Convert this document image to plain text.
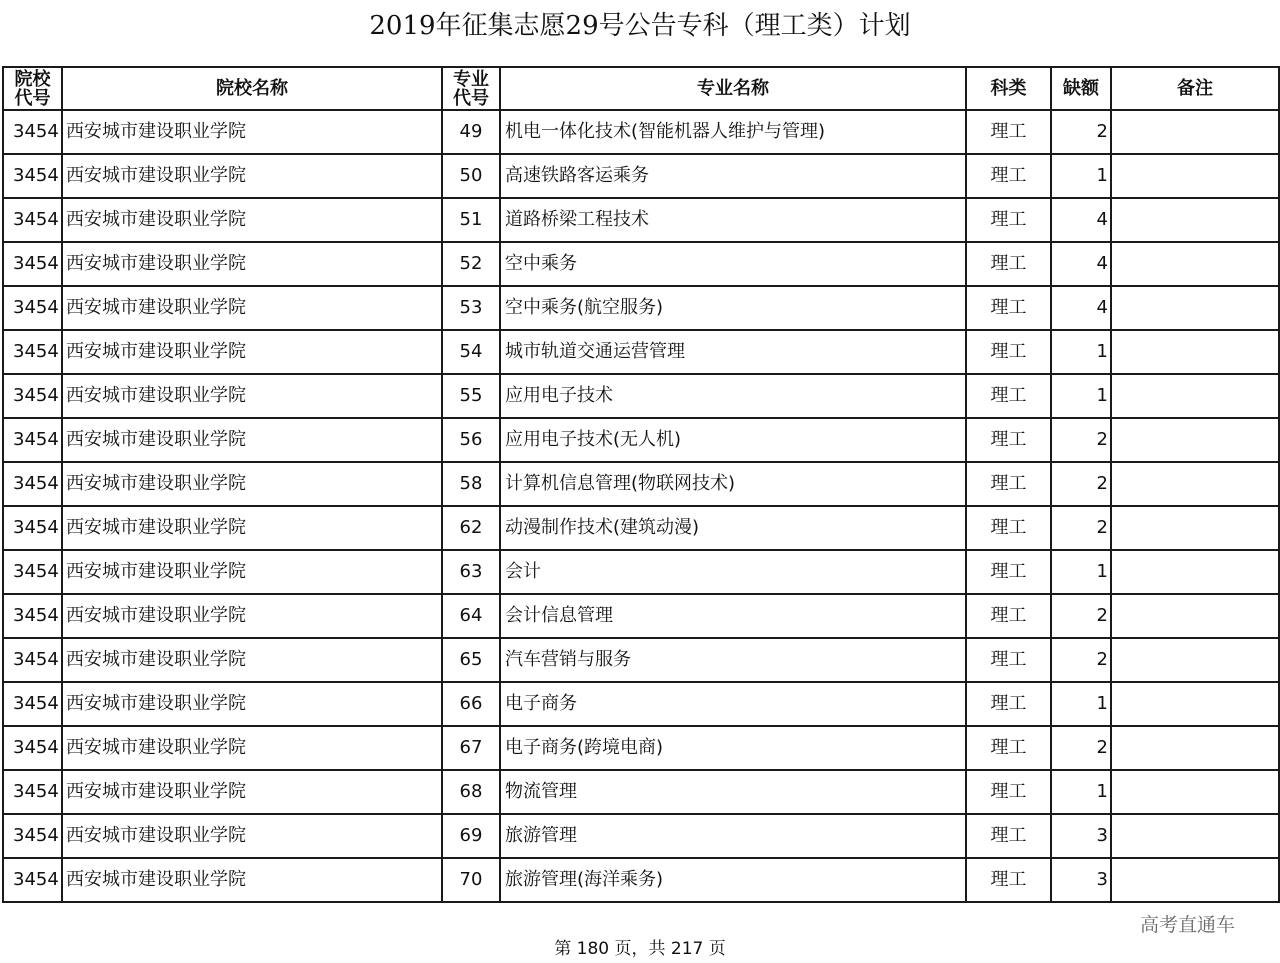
2019年征集志愿29号公告专科（理工类）计划
院校代号	院校名称	专业代号	专业名称	科类	缺额	备注
3454	西安城市建设职业学院	49	机电一体化技术(智能机器人维护与管理)	理工	2	
3454	西安城市建设职业学院	50	高速铁路客运乘务	理工	1	
3454	西安城市建设职业学院	51	道路桥梁工程技术	理工	4	
3454	西安城市建设职业学院	52	空中乘务	理工	4	
3454	西安城市建设职业学院	53	空中乘务(航空服务)	理工	4	
3454	西安城市建设职业学院	54	城市轨道交通运营管理	理工	1	
3454	西安城市建设职业学院	55	应用电子技术	理工	1	
3454	西安城市建设职业学院	56	应用电子技术(无人机)	理工	2	
3454	西安城市建设职业学院	58	计算机信息管理(物联网技术)	理工	2	
3454	西安城市建设职业学院	62	动漫制作技术(建筑动漫)	理工	2	
3454	西安城市建设职业学院	63	会计	理工	1	
3454	西安城市建设职业学院	64	会计信息管理	理工	2	
3454	西安城市建设职业学院	65	汽车营销与服务	理工	2	
3454	西安城市建设职业学院	66	电子商务	理工	1	
3454	西安城市建设职业学院	67	电子商务(跨境电商)	理工	2	
3454	西安城市建设职业学院	68	物流管理	理工	1	
3454	西安城市建设职业学院	69	旅游管理	理工	3	
3454	西安城市建设职业学院	70	旅游管理(海洋乘务)	理工	3	
高考直通车
第 180 页，共 217 页
